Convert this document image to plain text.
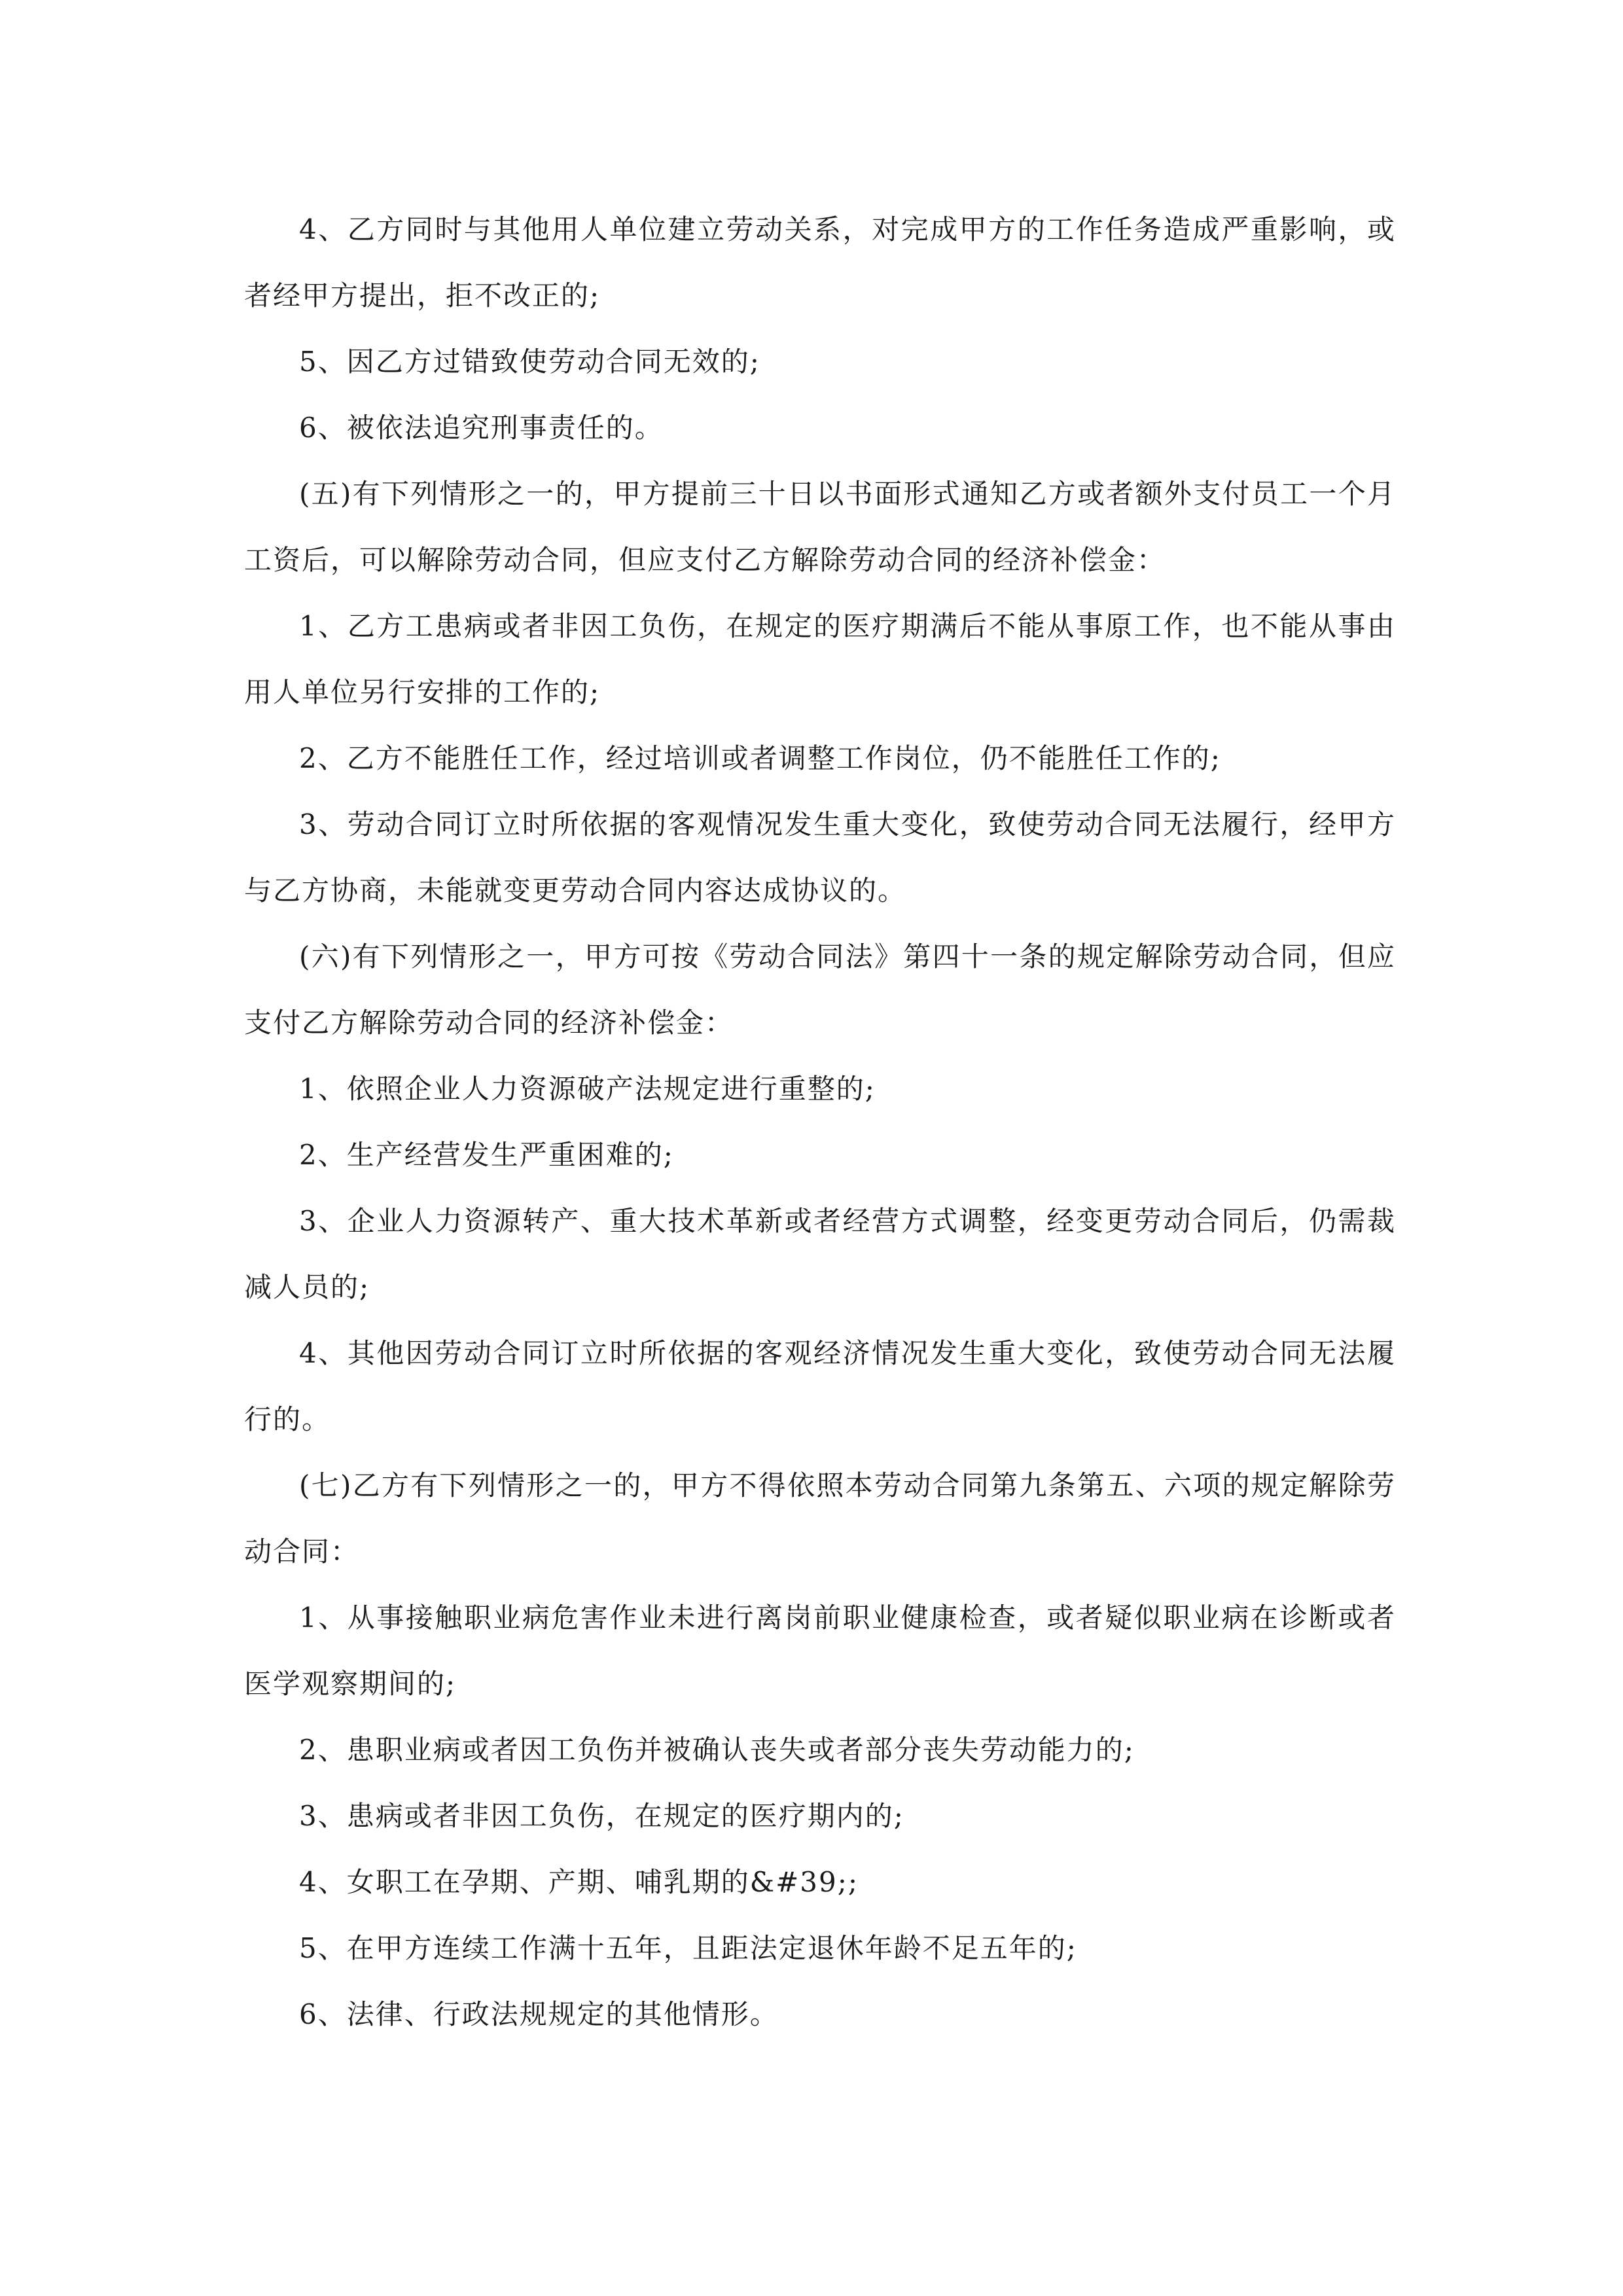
4、乙方同时与其他用人单位建立劳动关系，对完成甲方的工作任务造成严重影响，或者经甲方提出，拒不改正的;

5、因乙方过错致使劳动合同无效的;

6、被依法追究刑事责任的。

(五)有下列情形之一的，甲方提前三十日以书面形式通知乙方或者额外支付员工一个月工资后，可以解除劳动合同，但应支付乙方解除劳动合同的经济补偿金：

1、乙方工患病或者非因工负伤，在规定的医疗期满后不能从事原工作，也不能从事由用人单位另行安排的工作的;

2、乙方不能胜任工作，经过培训或者调整工作岗位，仍不能胜任工作的;

3、劳动合同订立时所依据的客观情况发生重大变化，致使劳动合同无法履行，经甲方与乙方协商，未能就变更劳动合同内容达成协议的。

(六)有下列情形之一，甲方可按《劳动合同法》第四十一条的规定解除劳动合同，但应支付乙方解除劳动合同的经济补偿金：

1、依照企业人力资源破产法规定进行重整的;

2、生产经营发生严重困难的;

3、企业人力资源转产、重大技术革新或者经营方式调整，经变更劳动合同后，仍需裁减人员的;

4、其他因劳动合同订立时所依据的客观经济情况发生重大变化，致使劳动合同无法履行的。

(七)乙方有下列情形之一的，甲方不得依照本劳动合同第九条第五、六项的规定解除劳动合同：

1、从事接触职业病危害作业未进行离岗前职业健康检查，或者疑似职业病在诊断或者医学观察期间的;

2、患职业病或者因工负伤并被确认丧失或者部分丧失劳动能力的;

3、患病或者非因工负伤，在规定的医疗期内的;

4、女职工在孕期、产期、哺乳期的&#39;;

5、在甲方连续工作满十五年，且距法定退休年龄不足五年的;

6、法律、行政法规规定的其他情形。
